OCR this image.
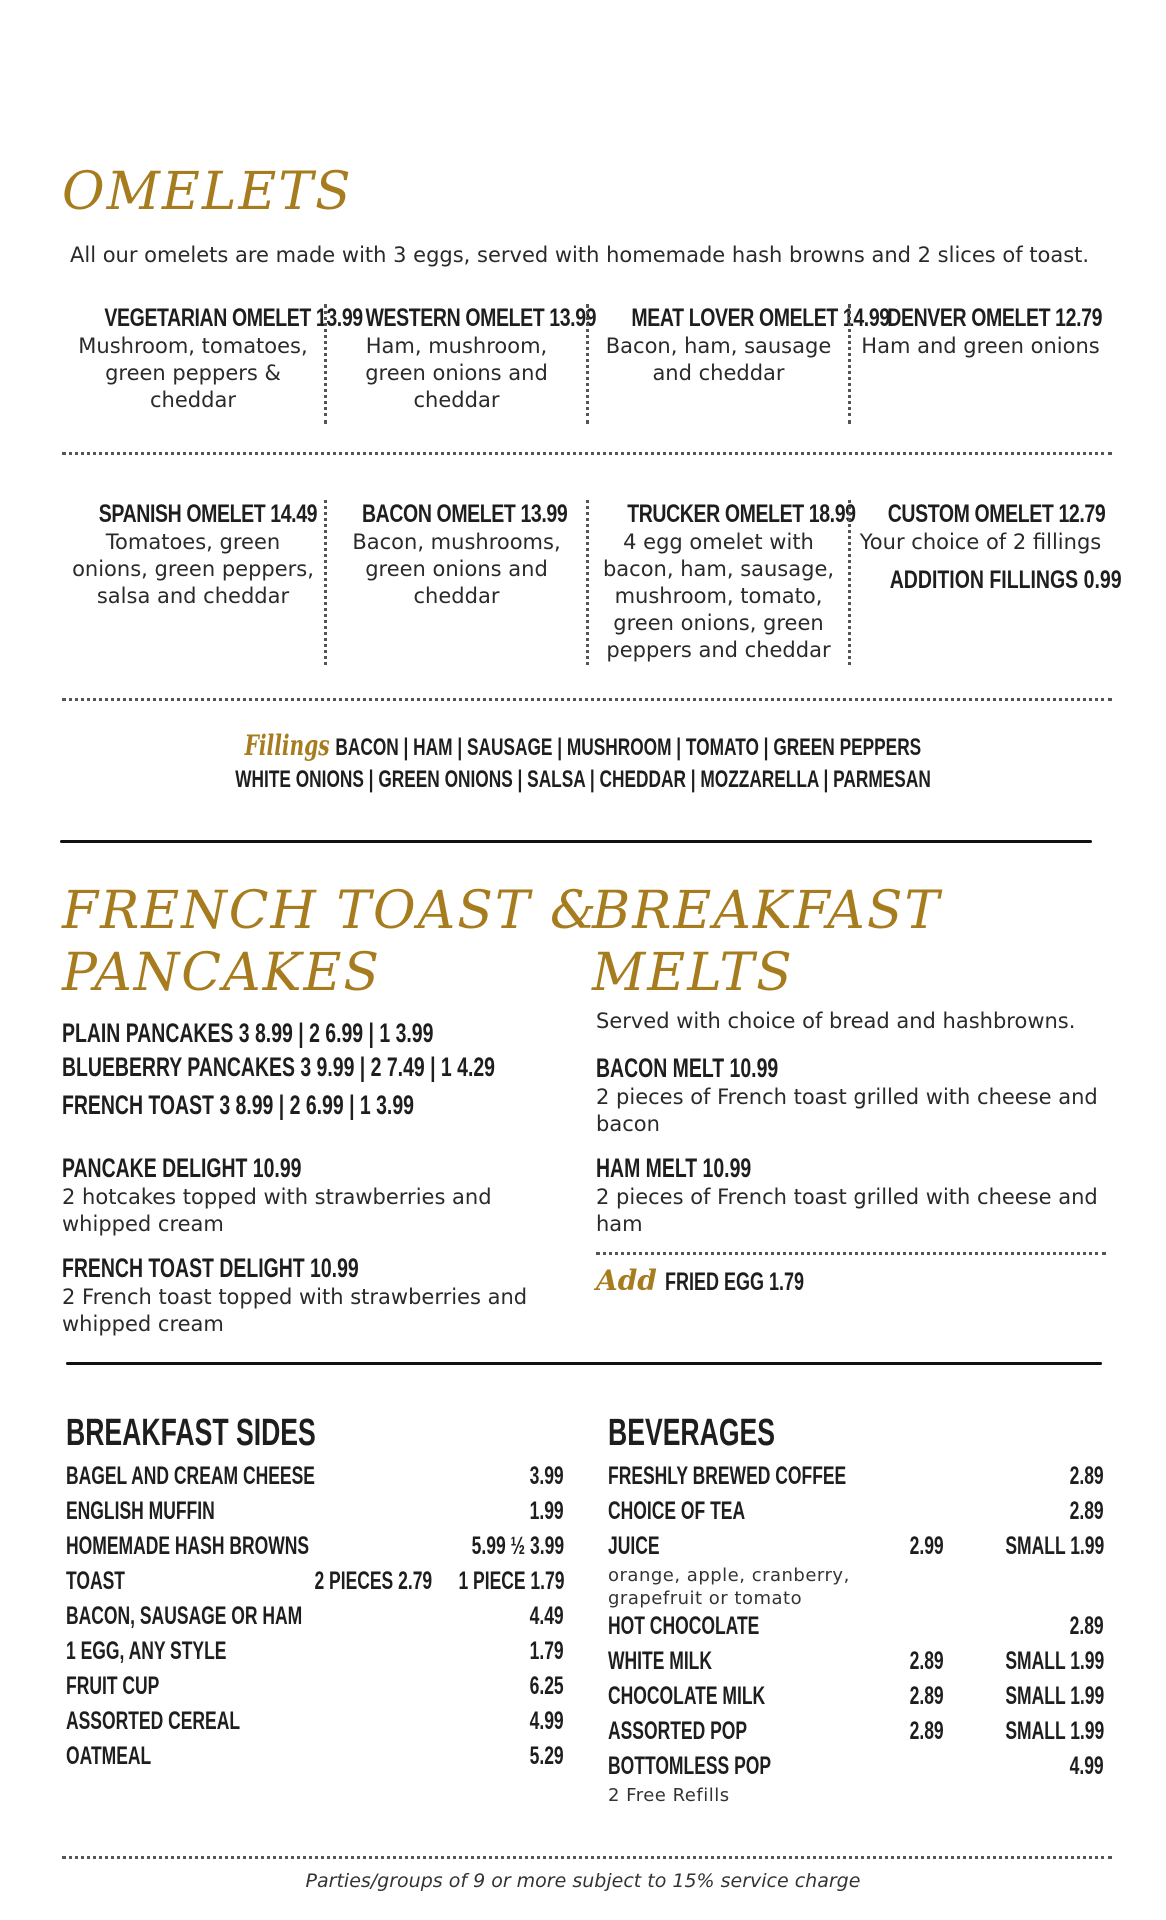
OMELETS
All our omelets are made with 3 eggs, served with homemade hash browns and 2 slices of toast.
VEGETARIAN OMELET 13.99
Mushroom, tomatoes, green peppers & cheddar
WESTERN OMELET 13.99
Ham, mushroom, green onions and cheddar
MEAT LOVER OMELET 14.99
Bacon, ham, sausage and cheddar
DENVER OMELET 12.79
Ham and green onions
SPANISH OMELET 14.49
Tomatoes, green onions, green peppers, salsa and cheddar
BACON OMELET 13.99
Bacon, mushrooms, green onions and cheddar
TRUCKER OMELET 18.99
4 egg omelet with bacon, ham, sausage, mushroom, tomato, green onions, green peppers and cheddar
CUSTOM OMELET 12.79
Your choice of 2 fillings
ADDITION FILLINGS 0.99
Fillings BACON | HAM | SAUSAGE | MUSHROOM | TOMATO | GREEN PEPPERS
WHITE ONIONS | GREEN ONIONS | SALSA | CHEDDAR | MOZZARELLA | PARMESAN
FRENCH TOAST &
PANCAKES
PLAIN PANCAKES 3 8.99 | 2 6.99 | 1 3.99
BLUEBERRY PANCAKES 3 9.99 | 2 7.49 | 1 4.29
FRENCH TOAST 3 8.99 | 2 6.99 | 1 3.99
PANCAKE DELIGHT 10.99
2 hotcakes topped with strawberries and whipped cream
FRENCH TOAST DELIGHT 10.99
2 French toast topped with strawberries and whipped cream
BREAKFAST
MELTS
Served with choice of bread and hashbrowns.
BACON MELT 10.99
2 pieces of French toast grilled with cheese and bacon
HAM MELT 10.99
2 pieces of French toast grilled with cheese and ham
Add FRIED EGG 1.79
BREAKFAST SIDES
BAGEL AND CREAM CHEESE	3.99
ENGLISH MUFFIN	1.99
HOMEMADE HASH BROWNS	5.99 ½ 3.99
TOAST	2 PIECES 2.79 1 PIECE 1.79
BACON, SAUSAGE OR HAM	4.49
1 EGG, ANY STYLE	1.79
FRUIT CUP	6.25
ASSORTED CEREAL	4.99
OATMEAL	5.29
BEVERAGES
FRESHLY BREWED COFFEE	2.89
CHOICE OF TEA	2.89
JUICE	2.99 SMALL 1.99
orange, apple, cranberry, grapefruit or tomato
HOT CHOCOLATE	2.89
WHITE MILK	2.89 SMALL 1.99
CHOCOLATE MILK	2.89 SMALL 1.99
ASSORTED POP	2.89 SMALL 1.99
BOTTOMLESS POP	4.99
2 Free Refills
Parties/groups of 9 or more subject to 15% service charge
